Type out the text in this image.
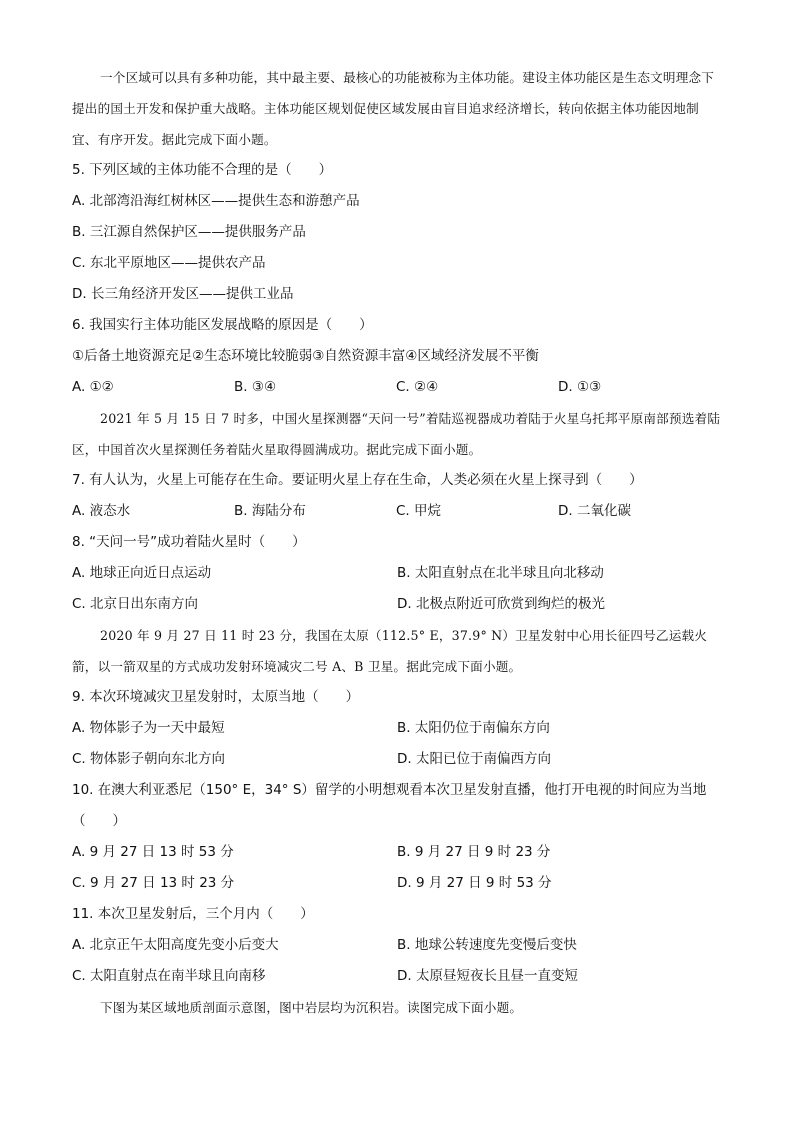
一个区域可以具有多种功能，其中最主要、最核心的功能被称为主体功能。建设主体功能区是生态文明理念下提出的国土开发和保护重大战略。主体功能区规划促使区域发展由盲目追求经济增长，转向依据主体功能因地制宜、有序开发。据此完成下面小题。

5. 下列区域的主体功能不合理的是（　　）

A. 北部湾沿海红树林区——提供生态和游憩产品

B. 三江源自然保护区——提供服务产品

C. 东北平原地区——提供农产品

D. 长三角经济开发区——提供工业品

6. 我国实行主体功能区发展战略的原因是（　　）

①后备土地资源充足②生态环境比较脆弱③自然资源丰富④区域经济发展不平衡

A. ①②	B. ③④	C. ②④	D. ①③

2021 年 5 月 15 日 7 时多，中国火星探测器“天问一号”着陆巡视器成功着陆于火星乌托邦平原南部预选着陆区，中国首次火星探测任务着陆火星取得圆满成功。据此完成下面小题。

7. 有人认为，火星上可能存在生命。要证明火星上存在生命，人类必须在火星上探寻到（　　）

A. 液态水	B. 海陆分布	C. 甲烷	D. 二氧化碳

8. “天问一号”成功着陆火星时（　　）

A. 地球正向近日点运动	B. 太阳直射点在北半球且向北移动
C. 北京日出东南方向	D. 北极点附近可欣赏到绚烂的极光

2020 年 9 月 27 日 11 时 23 分，我国在太原（112.5° E，37.9° N）卫星发射中心用长征四号乙运载火箭，以一箭双星的方式成功发射环境减灾二号 A、B 卫星。据此完成下面小题。

9. 本次环境减灾卫星发射时，太原当地（　　）

A. 物体影子为一天中最短	B. 太阳仍位于南偏东方向
C. 物体影子朝向东北方向	D. 太阳已位于南偏西方向

10. 在澳大利亚悉尼（150° E，34° S）留学的小明想观看本次卫星发射直播，他打开电视的时间应为当地

（　　）

A. 9 月 27 日 13 时 53 分	B. 9 月 27 日 9 时 23 分
C. 9 月 27 日 13 时 23 分	D. 9 月 27 日 9 时 53 分

11. 本次卫星发射后，三个月内（　　）

A. 北京正午太阳高度先变小后变大	B. 地球公转速度先变慢后变快
C. 太阳直射点在南半球且向南移	D. 太原昼短夜长且昼一直变短

下图为某区域地质剖面示意图，图中岩层均为沉积岩。读图完成下面小题。
